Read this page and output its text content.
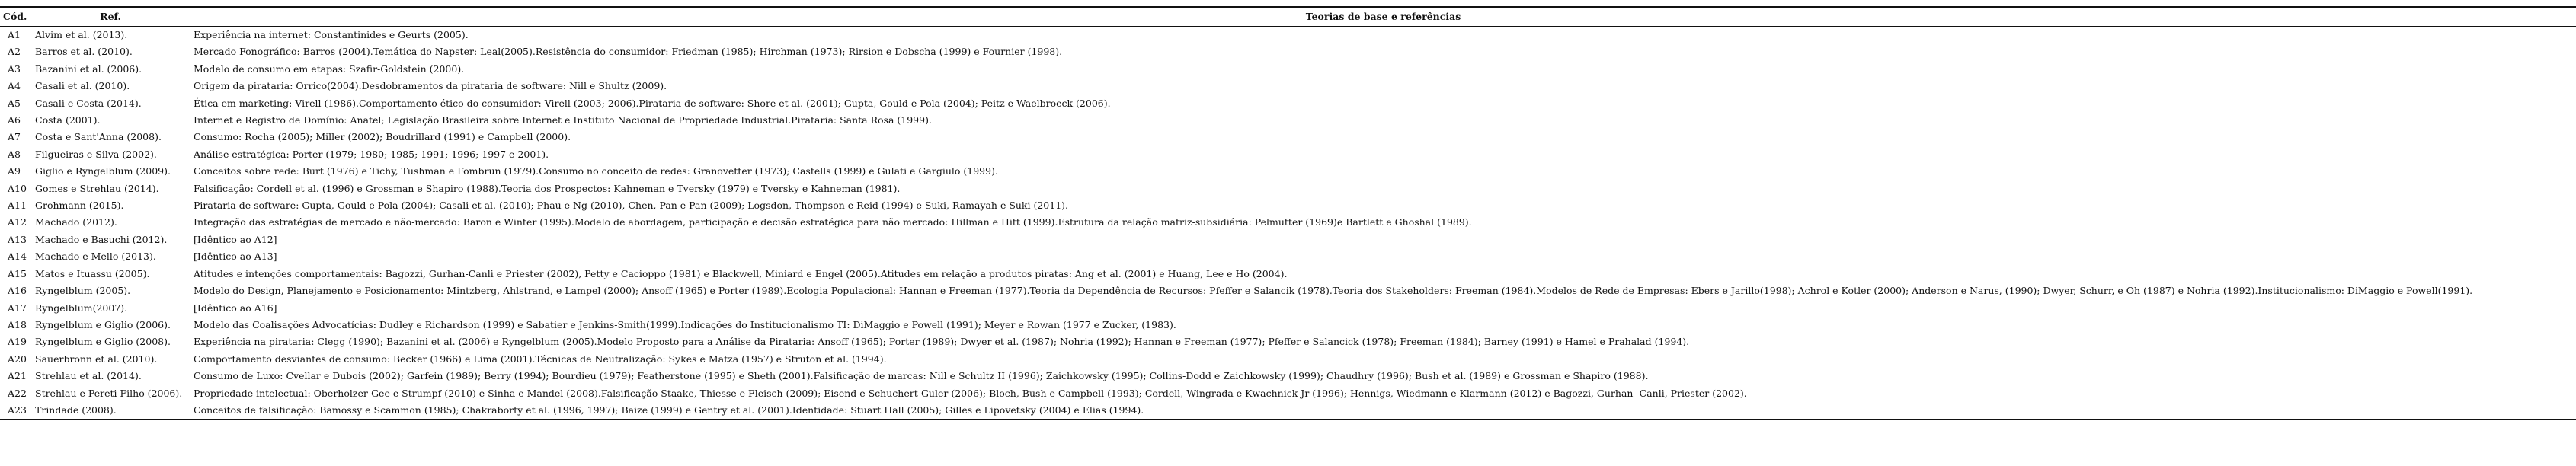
Cód.	Ref.	Teorias de base e referências
A1	Alvim et al. (2013).	Experiência na internet: Constantinides e Geurts (2005).
A2	Barros et al. (2010).	Mercado Fonográfico: Barros (2004).Temática do Napster: Leal(2005).Resistência do consumidor: Friedman (1985); Hirchman (1973); Rirsion e Dobscha (1999) e Fournier (1998).
A3	Bazanini et al. (2006).	Modelo de consumo em etapas: Szafir-Goldstein (2000).
A4	Casali et al. (2010).	Origem da pirataria: Orrico(2004).Desdobramentos da pirataria de software: Nill e Shultz (2009).
A5	Casali e Costa (2014).	Ética em marketing: Virell (1986).Comportamento ético do consumidor: Virell (2003; 2006).Pirataria de software: Shore et al. (2001); Gupta, Gould e Pola (2004); Peitz e Waelbroeck (2006).
A6	Costa (2001).	Internet e Registro de Domínio: Anatel; Legislação Brasileira sobre Internet e Instituto Nacional de Propriedade Industrial.Pirataria: Santa Rosa (1999).
A7	Costa e Sant'Anna (2008).	Consumo: Rocha (2005); Miller (2002); Boudrillard (1991) e Campbell (2000).
A8	Filgueiras e Silva (2002).	Análise estratégica: Porter (1979; 1980; 1985; 1991; 1996; 1997 e 2001).
A9	Giglio e Ryngelblum (2009).	Conceitos sobre rede: Burt (1976) e Tichy, Tushman e Fombrun (1979).Consumo no conceito de redes: Granovetter (1973); Castells (1999) e Gulati e Gargiulo (1999).
A10	Gomes e Strehlau (2014).	Falsificação: Cordell et al. (1996) e Grossman e Shapiro (1988).Teoria dos Prospectos: Kahneman e Tversky (1979) e Tversky e Kahneman (1981).
A11	Grohmann (2015).	Pirataria de software: Gupta, Gould e Pola (2004); Casali et al. (2010); Phau e Ng (2010), Chen, Pan e Pan (2009); Logsdon, Thompson e Reid (1994) e Suki, Ramayah e Suki (2011).
A12	Machado (2012).	Integração das estratégias de mercado e não-mercado: Baron e Winter (1995).Modelo de abordagem, participação e decisão estratégica para não mercado: Hillman e Hitt (1999).Estrutura da relação matriz-subsidiária: Pelmutter (1969)e Bartlett e Ghoshal (1989).
A13	Machado e Basuchi (2012).	[Idêntico ao A12]
A14	Machado e Mello (2013).	[Idêntico ao A13]
A15	Matos e Ituassu (2005).	Atitudes e intenções comportamentais: Bagozzi, Gurhan-Canli e Priester (2002), Petty e Cacioppo (1981) e Blackwell, Miniard e Engel (2005).Atitudes em relação a produtos piratas: Ang et al. (2001) e Huang, Lee e Ho (2004).
A16	Ryngelblum (2005).	Modelo do Design, Planejamento e Posicionamento: Mintzberg, Ahlstrand, e Lampel (2000); Ansoff (1965) e Porter (1989).Ecologia Populacional: Hannan e Freeman (1977).Teoria da Dependência de Recursos: Pfeffer e Salancik (1978).Teoria dos Stakeholders: Freeman (1984).Modelos de Rede de Empresas: Ebers e Jarillo(1998); Achrol e Kotler (2000); Anderson e Narus, (1990); Dwyer, Schurr, e Oh (1987) e Nohria (1992).Institucionalismo: DiMaggio e Powell(1991).
A17	Ryngelblum(2007).	[Idêntico ao A16]
A18	Ryngelblum e Giglio (2006).	Modelo das Coalisações Advocatícias: Dudley e Richardson (1999) e Sabatier e Jenkins-Smith(1999).Indicações do Institucionalismo TI: DiMaggio e Powell (1991); Meyer e Rowan (1977 e Zucker, (1983).
A19	Ryngelblum e Giglio (2008).	Experiência na pirataria: Clegg (1990); Bazanini et al. (2006) e Ryngelblum (2005).Modelo Proposto para a Análise da Pirataria: Ansoff (1965); Porter (1989); Dwyer et al. (1987); Nohria (1992); Hannan e Freeman (1977); Pfeffer e Salancick (1978); Freeman (1984); Barney (1991) e Hamel e Prahalad (1994).
A20	Sauerbronn et al. (2010).	Comportamento desviantes de consumo: Becker (1966) e Lima (2001).Técnicas de Neutralização: Sykes e Matza (1957) e Struton et al. (1994).
A21	Strehlau et al. (2014).	Consumo de Luxo: Cvellar e Dubois (2002); Garfein (1989); Berry (1994); Bourdieu (1979); Featherstone (1995) e Sheth (2001).Falsificação de marcas: Nill e Schultz II (1996); Zaichkowsky (1995); Collins-Dodd e Zaichkowsky (1999); Chaudhry (1996); Bush et al. (1989) e Grossman e Shapiro (1988).
A22	Strehlau e Pereti Filho (2006).	Propriedade intelectual: Oberholzer-Gee e Strumpf (2010) e Sinha e Mandel (2008).Falsificação Staake, Thiesse e Fleisch (2009); Eisend e Schuchert-Guler (2006); Bloch, Bush e Campbell (1993); Cordell, Wingrada e Kwachnick-Jr (1996); Hennigs, Wiedmann e Klarmann (2012) e Bagozzi, Gurhan- Canli, Priester (2002).
A23	Trindade (2008).	Conceitos de falsificação: Bamossy e Scammon (1985); Chakraborty et al. (1996, 1997); Baize (1999) e Gentry et al. (2001).Identidade: Stuart Hall (2005); Gilles e Lipovetsky (2004) e Elias (1994).
